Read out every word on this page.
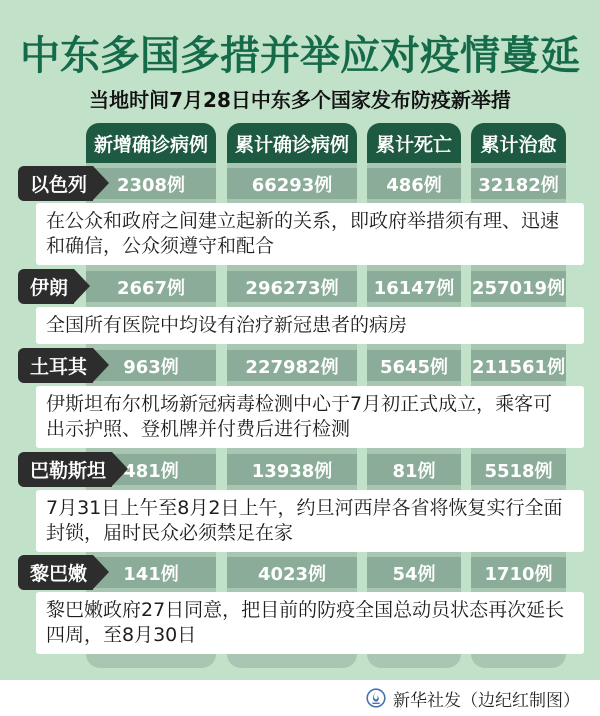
中东多国多措并举应对疫情蔓延
当地时间7月28日中东多个国家发布防疫新举措
新增确诊病例	累计确诊病例	累计死亡	累计治愈
以色列	2308例	66293例	486例	32182例
在公众和政府之间建立起新的关系，即政府举措须有理、迅速和确信，公众须遵守和配合
伊朗	2667例	296273例	16147例 257019例
全国所有医院中均设有治疗新冠患者的病房
土耳其	963例	227982例	5645例	211561例
伊斯坦布尔机场新冠病毒检测中心于7月初正式成立，乘客可出示护照、登机牌并付费后进行检测
巴勒斯坦 481例	13938例	81例	5518例
7月31日上午至8月2日上午，约旦河西岸各省将恢复实行全面封锁，届时民众必须禁足在家
黎巴嫩	141例	4023例	54例	1710例
黎巴嫩政府27日同意，把目前的防疫全国总动员状态再次延长四周，至8月30日
新华社发（边纪红制图）
